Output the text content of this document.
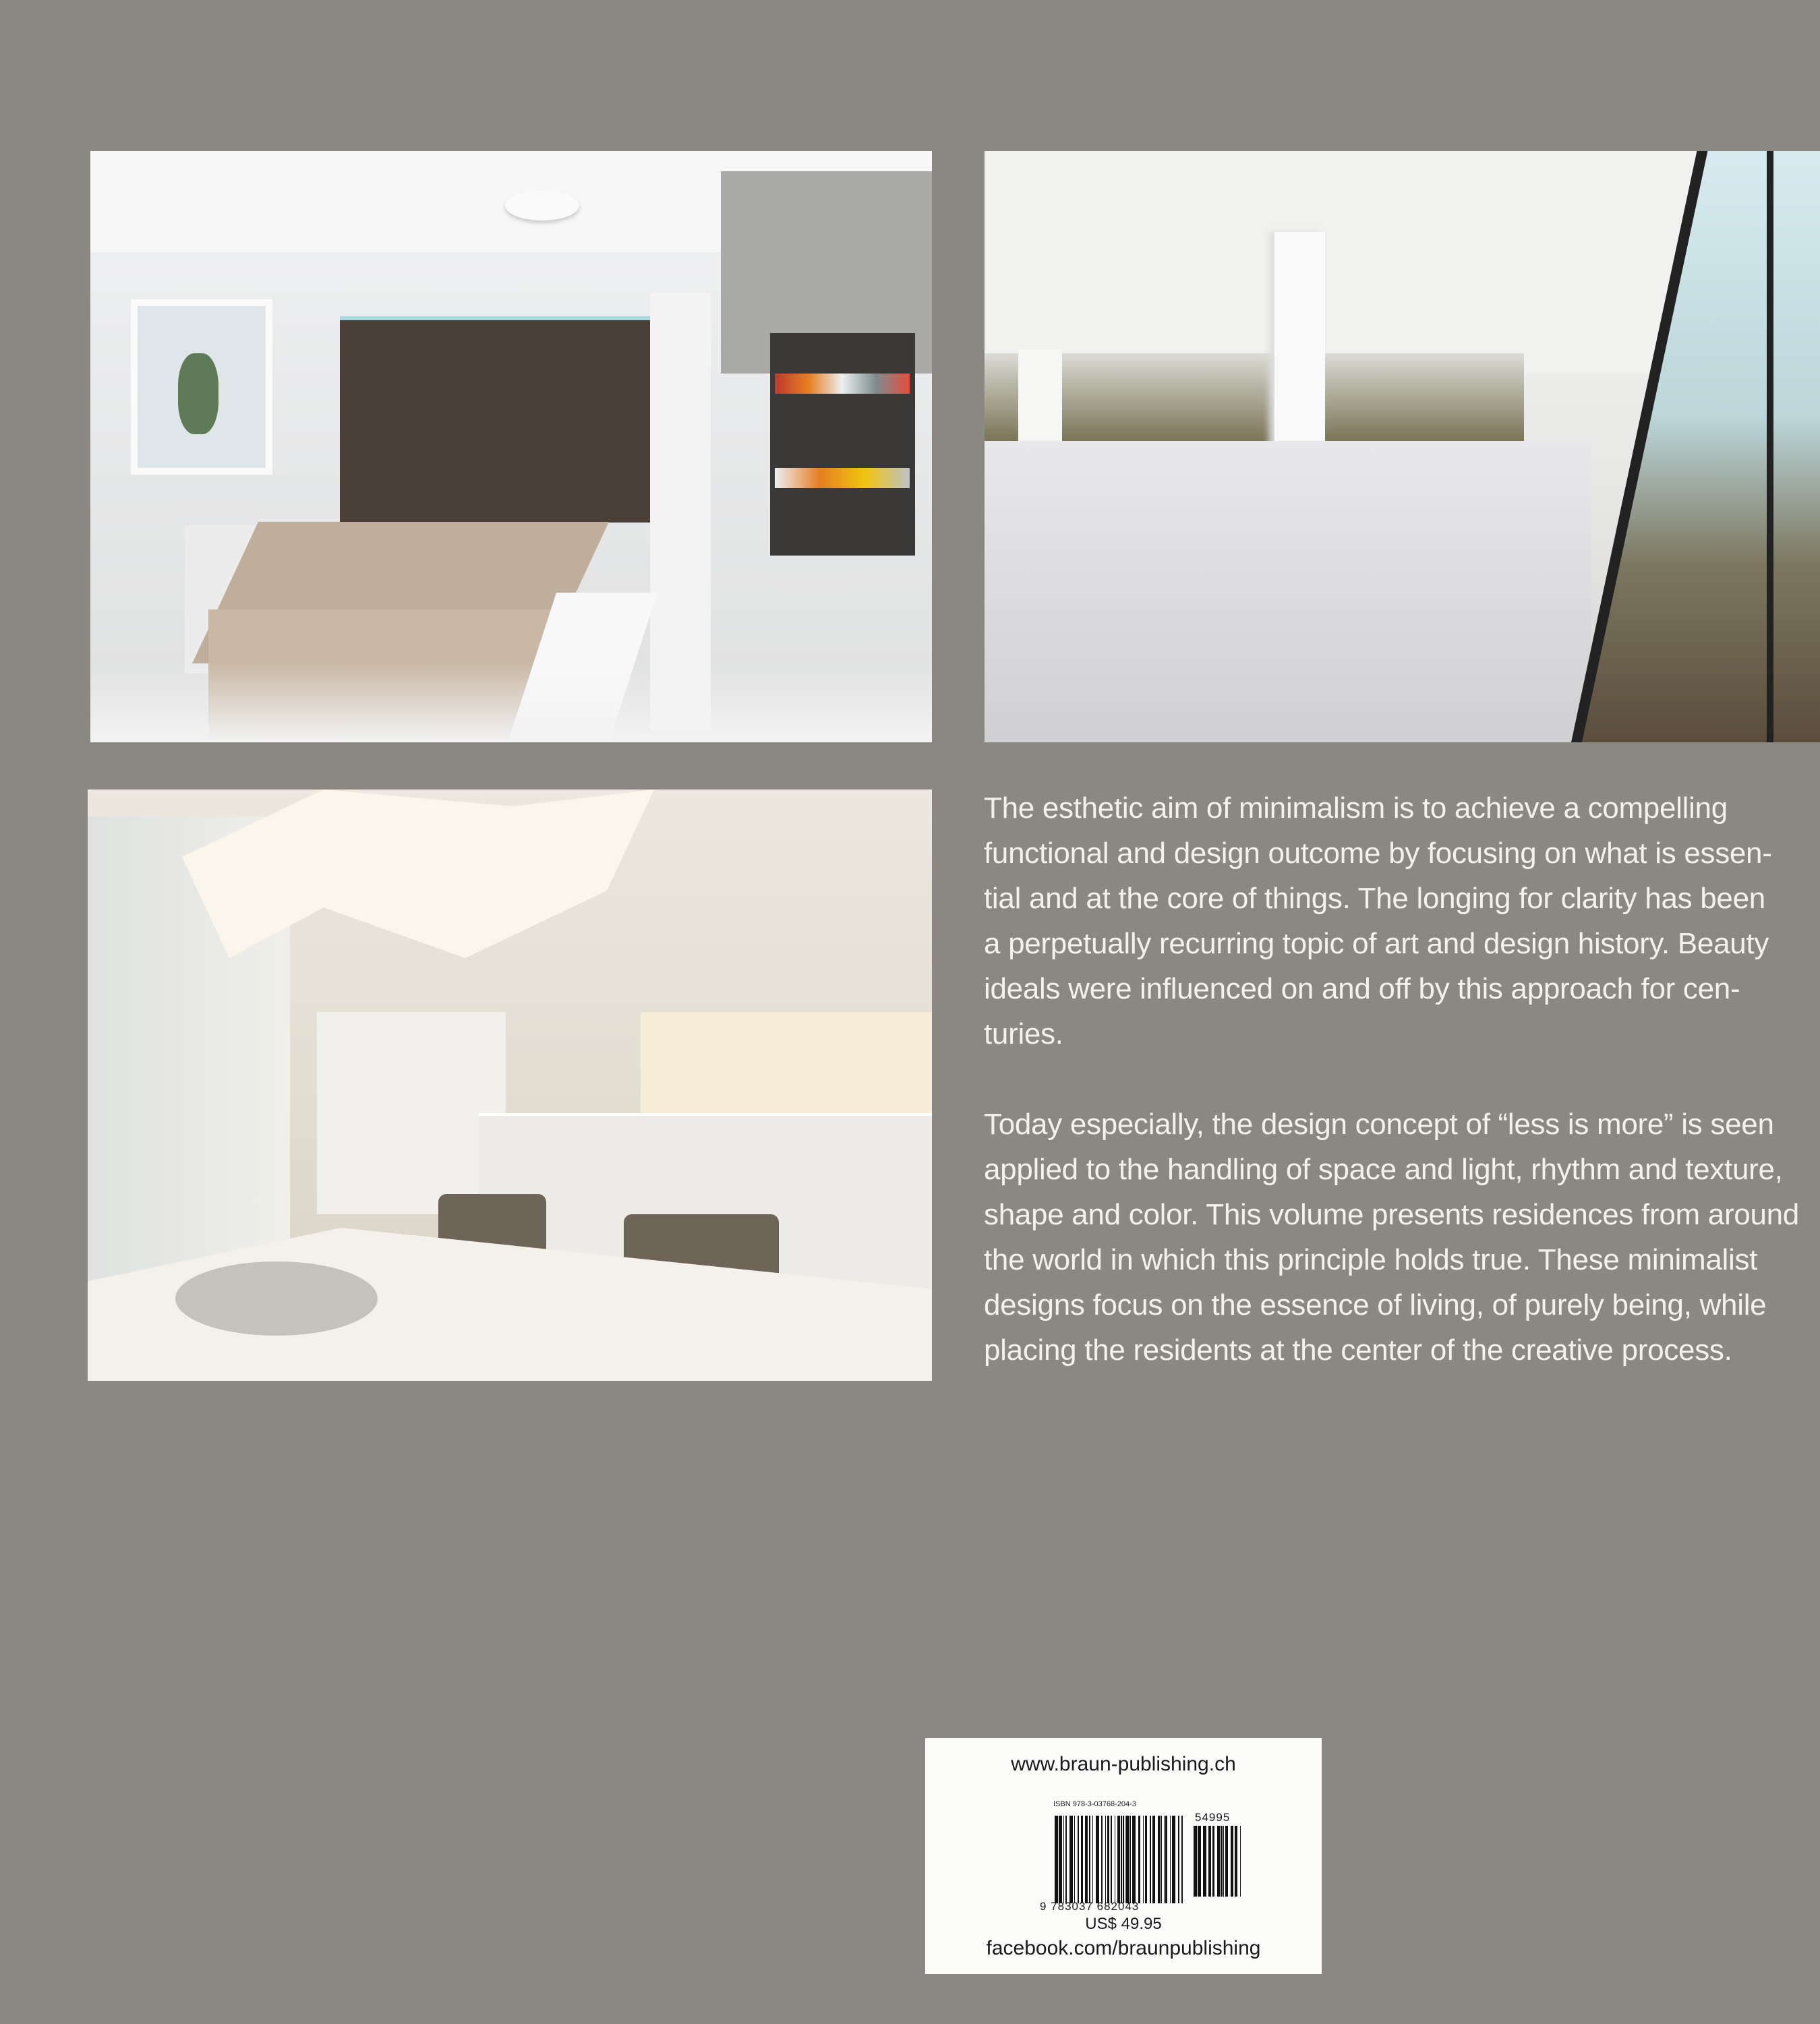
The esthetic aim of minimalism is to achieve a compelling
functional and design outcome by focusing on what is essen-
tial and at the core of things. The longing for clarity has been
a perpetually recurring topic of art and design history. Beauty
ideals were influenced on and off by this approach for cen-
turies.

Today especially, the design concept of “less is more” is seen
applied to the handling of space and light, rhythm and texture,
shape and color. This volume presents residences from around
the world in which this principle holds true. These minimalist
designs focus on the essence of living, of purely being, while
placing the residents at the center of the creative process.

www.braun-publishing.ch
ISBN 978-3-03768-204-3
54995
9 783037 682043
US$ 49.95
facebook.com/braunpublishing
